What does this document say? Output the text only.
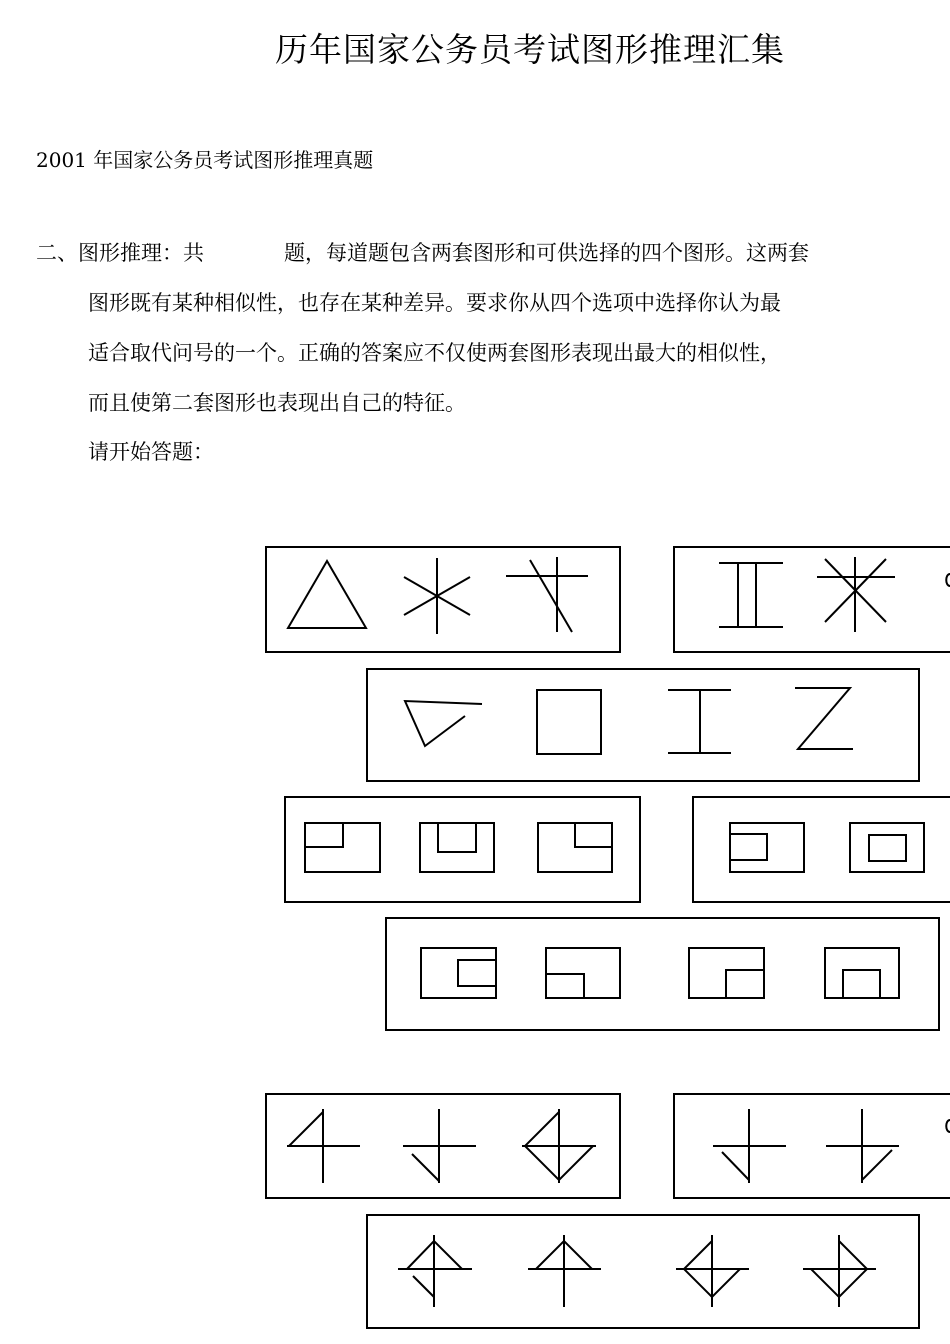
历年国家公务员考试图形推理汇集
2001 年国家公务员考试图形推理真题
二、图形推理：共	题，每道题包含两套图形和可供选择的四个图形。这两套
图形既有某种相似性，也存在某种差异。要求你从四个选项中选择你认为最
适合取代问号的一个。正确的答案应不仅使两套图形表现出最大的相似性，
而且使第二套图形也表现出自己的特征。
请开始答题：
